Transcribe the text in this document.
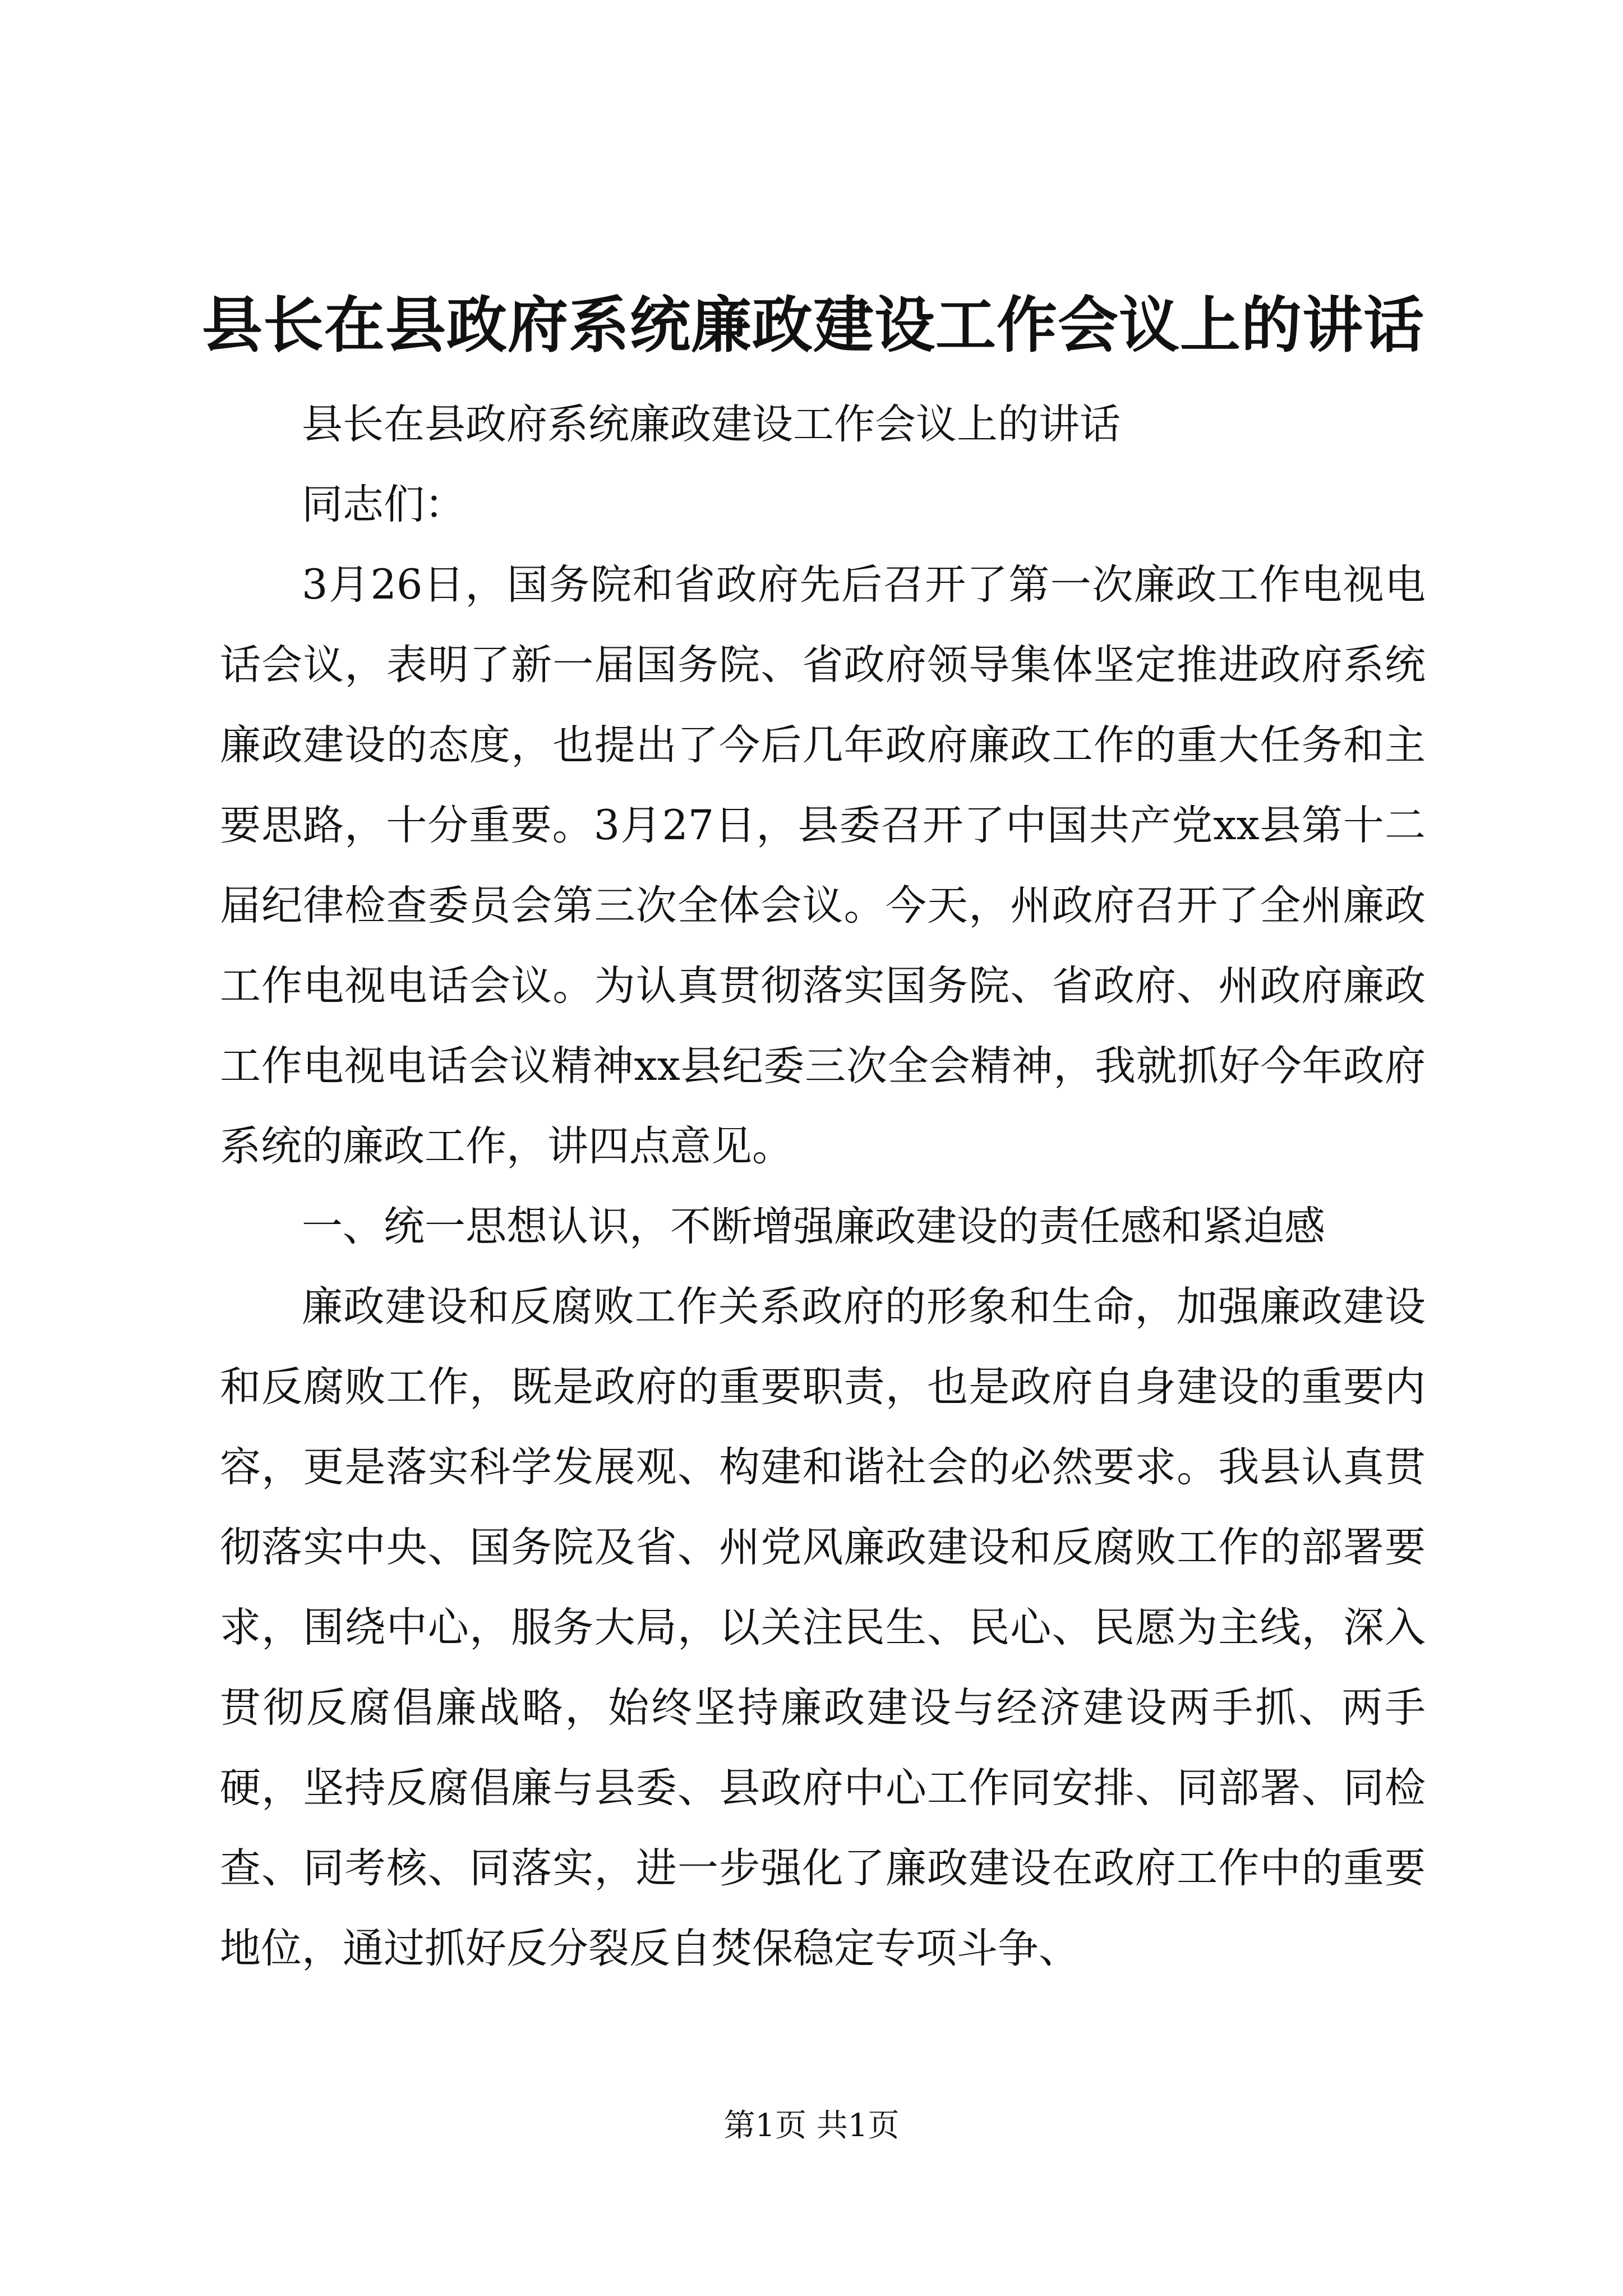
县长在县政府系统廉政建设工作会议上的讲话

县长在县政府系统廉政建设工作会议上的讲话

同志们：

3月26日，国务院和省政府先后召开了第一次廉政工作电视电话会议，表明了新一届国务院、省政府领导集体坚定推进政府系统廉政建设的态度，也提出了今后几年政府廉政工作的重大任务和主要思路，十分重要。3月27日，县委召开了中国共产党xx县第十二届纪律检查委员会第三次全体会议。今天，州政府召开了全州廉政工作电视电话会议。为认真贯彻落实国务院、省政府、州政府廉政工作电视电话会议精神xx县纪委三次全会精神，我就抓好今年政府系统的廉政工作，讲四点意见。

一、统一思想认识，不断增强廉政建设的责任感和紧迫感

廉政建设和反腐败工作关系政府的形象和生命，加强廉政建设和反腐败工作，既是政府的重要职责，也是政府自身建设的重要内容，更是落实科学发展观、构建和谐社会的必然要求。我县认真贯彻落实中央、国务院及省、州党风廉政建设和反腐败工作的部署要求，围绕中心，服务大局，以关注民生、民心、民愿为主线，深入贯彻反腐倡廉战略，始终坚持廉政建设与经济建设两手抓、两手硬，坚持反腐倡廉与县委、县政府中心工作同安排、同部署、同检查、同考核、同落实，进一步强化了廉政建设在政府工作中的重要地位，通过抓好反分裂反自焚保稳定专项斗争、

第1页 共1页
